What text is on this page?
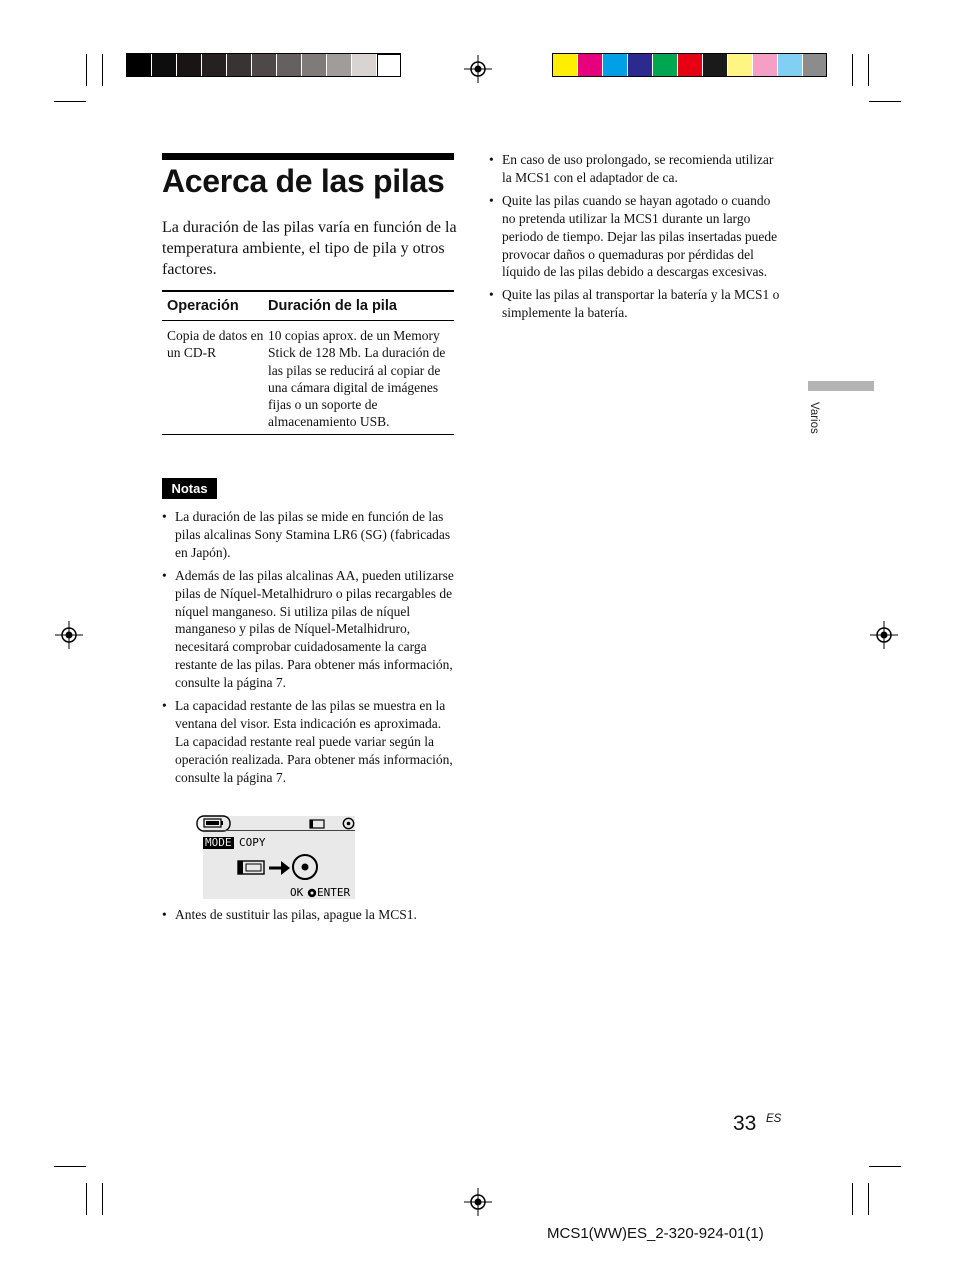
Acerca de las pilas
La duración de las pilas varía en función de la temperatura ambiente, el tipo de pila y otros factores.
Operación	Duración de la pila
Copia de datos en un CD-R
10 copias aprox. de un Memory Stick de 128 Mb. La duración de las pilas se reducirá al copiar de una cámara digital de imágenes fijas o un soporte de almacenamiento USB.
Notas
• La duración de las pilas se mide en función de las pilas alcalinas Sony Stamina LR6 (SG) (fabricadas en Japón).
• Además de las pilas alcalinas AA, pueden utilizarse pilas de Níquel-Metalhidruro o pilas recargables de níquel manganeso. Si utiliza pilas de níquel manganeso y pilas de Níquel-Metalhidruro, necesitará comprobar cuidadosamente la carga restante de las pilas. Para obtener más información, consulte la página 7.
• La capacidad restante de las pilas se muestra en la ventana del visor. Esta indicación es aproximada. La capacidad restante real puede variar según la operación realizada. Para obtener más información, consulte la página 7.
MODE COPY
OK ENTER
• Antes de sustituir las pilas, apague la MCS1.
• En caso de uso prolongado, se recomienda utilizar la MCS1 con el adaptador de ca.
• Quite las pilas cuando se hayan agotado o cuando no pretenda utilizar la MCS1 durante un largo periodo de tiempo. Dejar las pilas insertadas puede provocar daños o quemaduras por pérdidas del líquido de las pilas debido a descargas excesivas.
• Quite las pilas al transportar la batería y la MCS1 o simplemente la batería.
Varios
33 ES
MCS1(WW)ES_2-320-924-01(1)
